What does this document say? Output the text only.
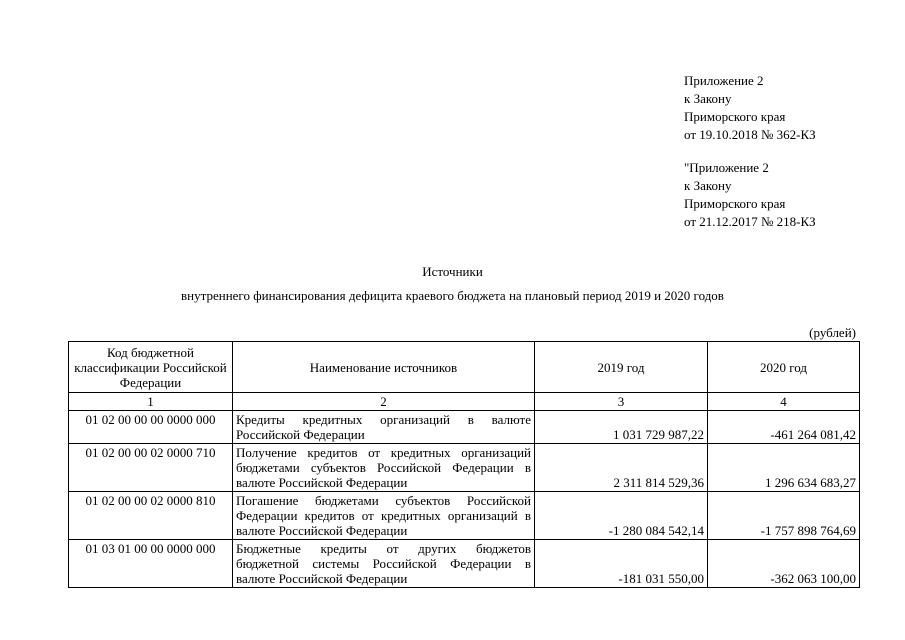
Приложение 2
к Закону
Приморского края
от 19.10.2018 № 362-КЗ
"Приложение 2
к Закону
Приморского края
от 21.12.2017 № 218-КЗ
Источники
внутреннего финансирования дефицита краевого бюджета на плановый период 2019 и 2020 годов
(рублей)
Код бюджетной классификации Российской Федерации	Наименование источников	2019 год	2020 год
1	2	3	4
01 02 00 00 00 0000 000	Кредиты кредитных организаций в валюте Российской Федерации	1 031 729 987,22	-461 264 081,42
01 02 00 00 02 0000 710	Получение кредитов от кредитных организаций бюджетами субъектов Российской Федерации в валюте Российской Федерации	2 311 814 529,36	1 296 634 683,27
01 02 00 00 02 0000 810	Погашение бюджетами субъектов Российской Федерации кредитов от кредитных организаций в валюте Российской Федерации	-1 280 084 542,14	-1 757 898 764,69
01 03 01 00 00 0000 000	Бюджетные кредиты от других бюджетов бюджетной системы Российской Федерации в валюте Российской Федерации	-181 031 550,00	-362 063 100,00
